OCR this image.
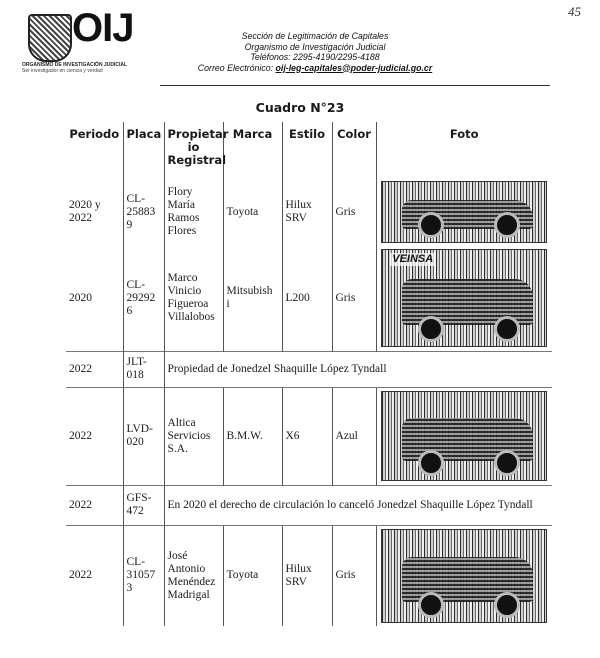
45
OIJ
ORGANISMO DE INVESTIGACIÓN JUDICIAL
Ser investigador en ciencia y verdad
Sección de Legitimación de Capitales
Organismo de Investigación Judicial
Teléfonos: 2295-4190/2295-4188
Correo Electrónico: oij-leg-capitales@poder-judicial.go.cr
Cuadro N°23
Periodo	Placa	Propietar io Registral	Marca	Estilo	Color	Foto
2020 y 2022	CL-25883 9	Flory María Ramos Flores	Toyota	Hilux SRV	Gris	

2020	CL-29292 6	Marco Vinicio Figueroa Villalobos	Mitsubish i	L200	Gris	VEINSA

2022	JLT-018	Propiedad de Jonedzel Shaquille López Tyndall				
2022	LVD-020	Altica Servicios S.A.	B.M.W.	X6	Azul	

2022	GFS-472	En 2020 el derecho de circulación lo canceló Jonedzel Shaquille López Tyndall				
2022	CL-31057 3	José Antonio Menéndez Madrigal	Toyota	Hilux SRV	Gris	
